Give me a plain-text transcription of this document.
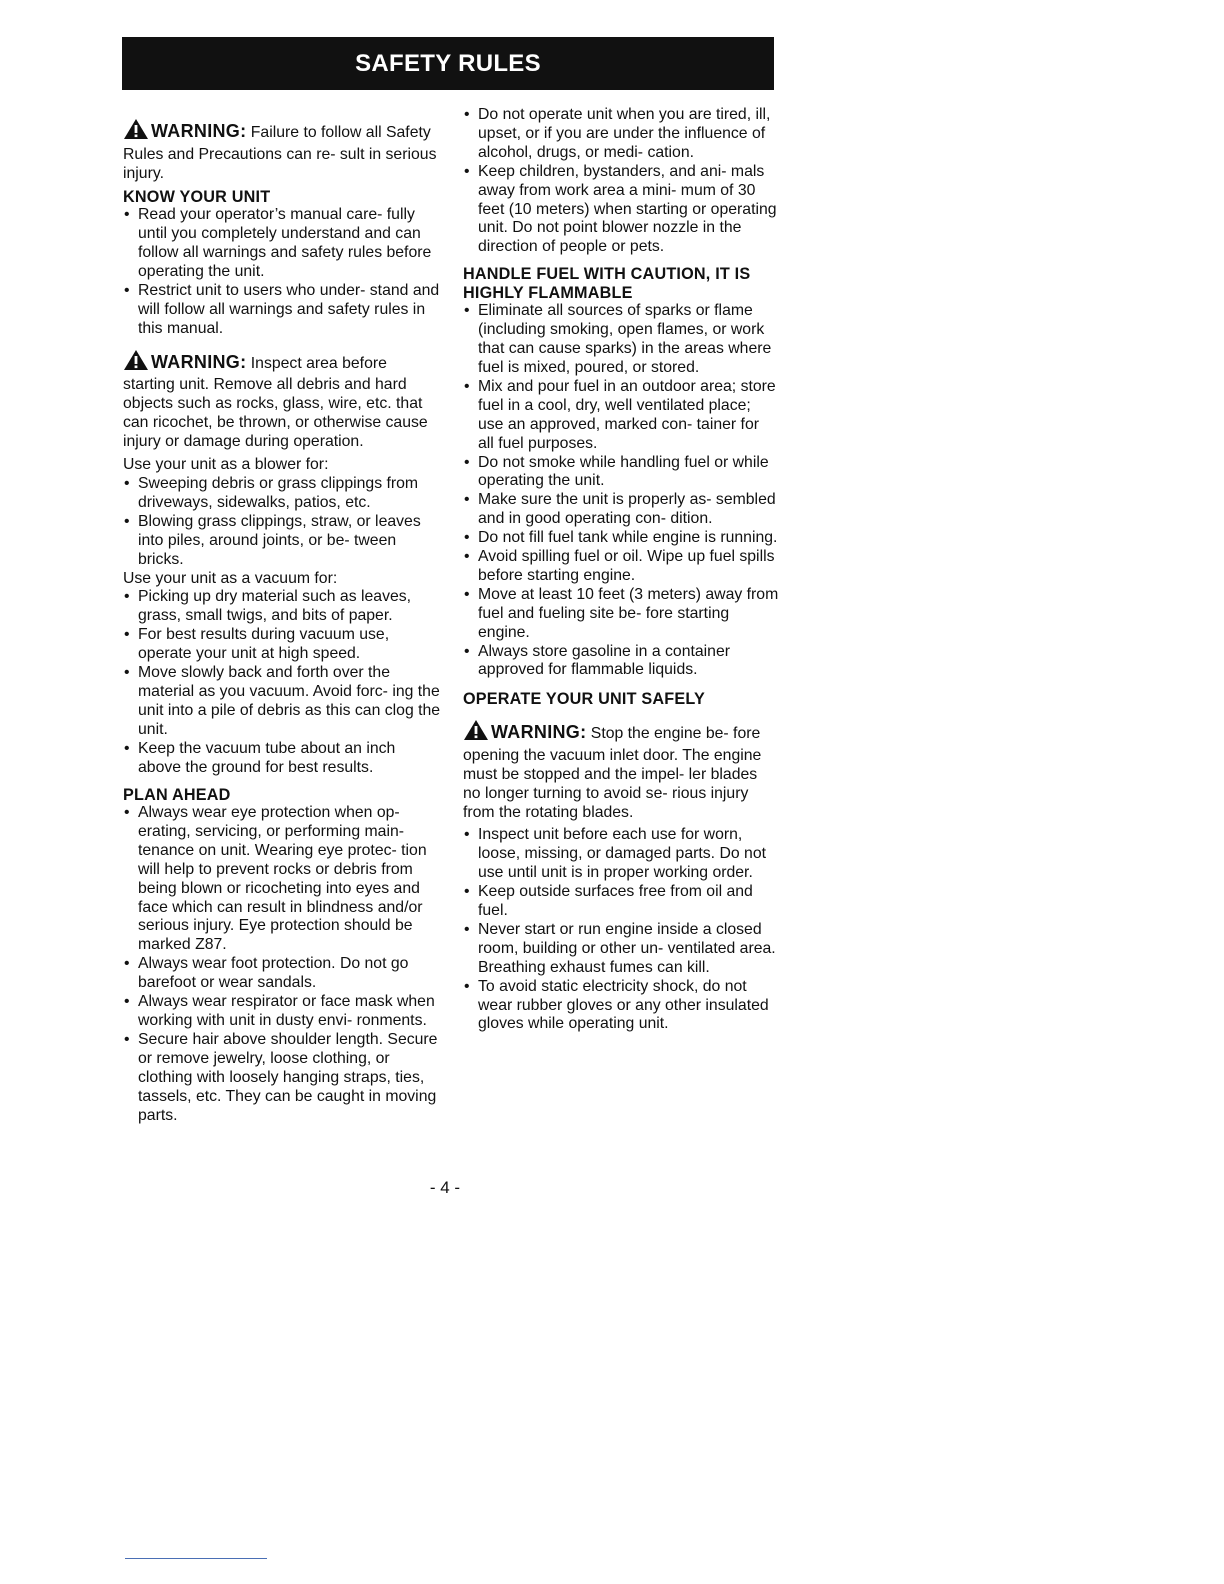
SAFETY RULES

WARNING: Failure to follow all Safety Rules and Precautions can re- sult in serious injury.

KNOW YOUR UNIT
• Read your operator’s manual care- fully until you completely understand and can follow all warnings and safety rules before operating the unit.
• Restrict unit to users who under- stand and will follow all warnings and safety rules in this manual.

WARNING: Inspect area before starting unit. Remove all debris and hard objects such as rocks, glass, wire, etc. that can ricochet, be thrown, or otherwise cause injury or damage during operation.

Use your unit as a blower for:

• Sweeping debris or grass clippings from driveways, sidewalks, patios, etc.
• Blowing grass clippings, straw, or leaves into piles, around joints, or be- tween bricks.

Use your unit as a vacuum for:

• Picking up dry material such as leaves, grass, small twigs, and bits of paper.
• For best results during vacuum use, operate your unit at high speed.
• Move slowly back and forth over the material as you vacuum. Avoid forc- ing the unit into a pile of debris as this can clog the unit.
• Keep the vacuum tube about an inch above the ground for best results.
PLAN AHEAD
• Always wear eye protection when op- erating, servicing, or performing main- tenance on unit. Wearing eye protec- tion will help to prevent rocks or debris from being blown or ricocheting into eyes and face which can result in blindness and/or serious injury. Eye protection should be marked Z87.
• Always wear foot protection. Do not go barefoot or wear sandals.
• Always wear respirator or face mask when working with unit in dusty envi- ronments.
• Secure hair above shoulder length. Secure or remove jewelry, loose clothing, or clothing with loosely hanging straps, ties, tassels, etc. They can be caught in moving parts.
• Do not operate unit when you are tired, ill, upset, or if you are under the influence of alcohol, drugs, or medi- cation.
• Keep children, bystanders, and ani- mals away from work area a mini- mum of 30 feet (10 meters) when starting or operating unit. Do not point blower nozzle in the direction of people or pets.
HANDLE FUEL WITH CAUTION, IT IS HIGHLY FLAMMABLE
• Eliminate all sources of sparks or flame (including smoking, open flames, or work that can cause sparks) in the areas where fuel is mixed, poured, or stored.
• Mix and pour fuel in an outdoor area; store fuel in a cool, dry, well ventilated place; use an approved, marked con- tainer for all fuel purposes.
• Do not smoke while handling fuel or while operating the unit.
• Make sure the unit is properly as- sembled and in good operating con- dition.
• Do not fill fuel tank while engine is running.
• Avoid spilling fuel or oil. Wipe up fuel spills before starting engine.
• Move at least 10 feet (3 meters) away from fuel and fueling site be- fore starting engine.
• Always store gasoline in a container approved for flammable liquids.
OPERATE YOUR UNIT SAFELY

WARNING: Stop the engine be- fore opening the vacuum inlet door. The engine must be stopped and the impel- ler blades no longer turning to avoid se- rious injury from the rotating blades.

• Inspect unit before each use for worn, loose, missing, or damaged parts. Do not use until unit is in proper working order.
• Keep outside surfaces free from oil and fuel.
• Never start or run engine inside a closed room, building or other un- ventilated area. Breathing exhaust fumes can kill.
• To avoid static electricity shock, do not wear rubber gloves or any other insulated gloves while operating unit.
- 4 -
